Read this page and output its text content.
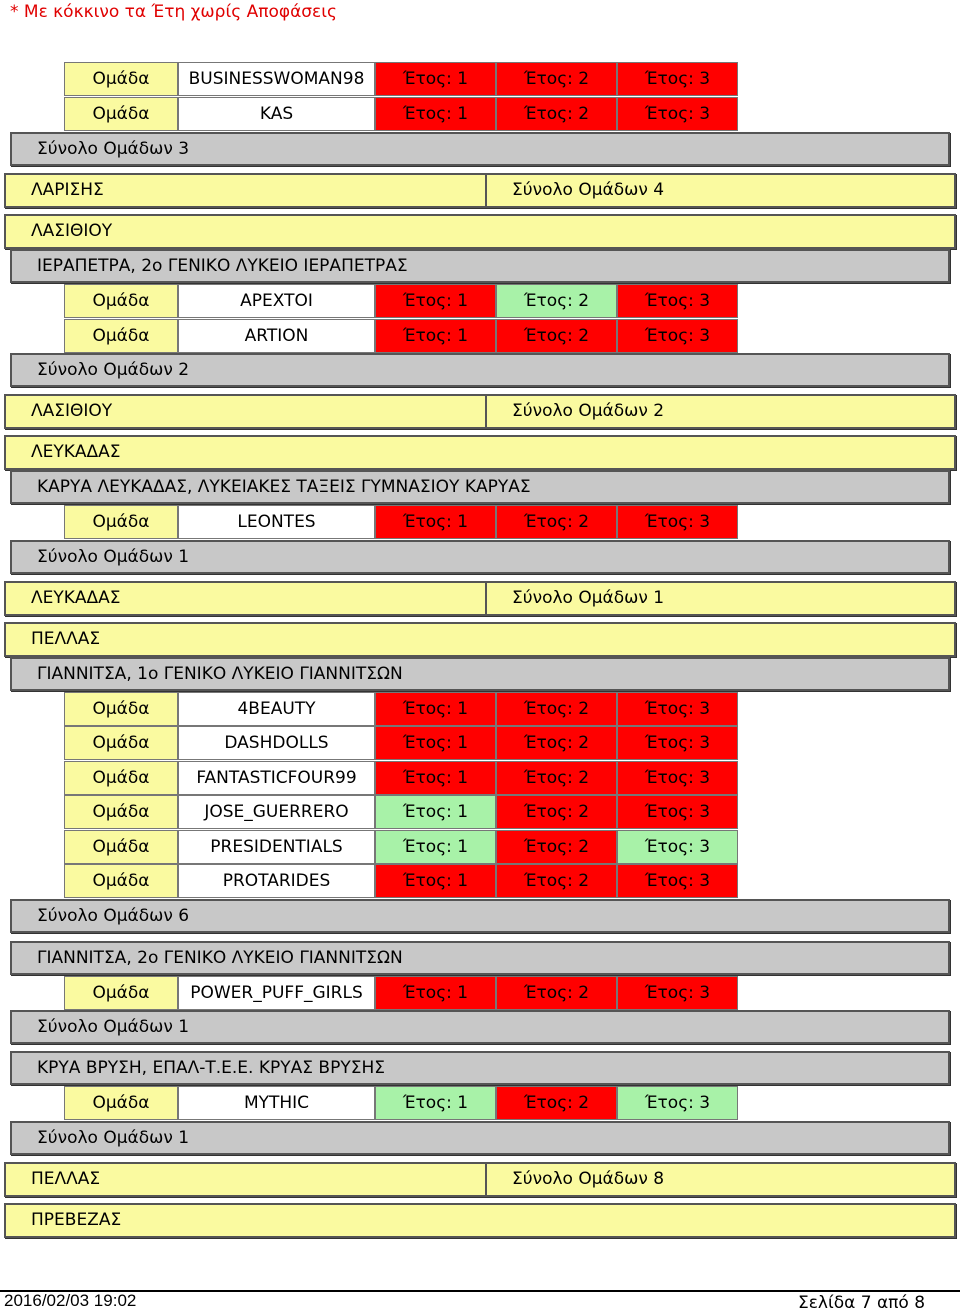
* Με κόκκινο τα Έτη χωρίς Αποφάσεις
Ομάδα	BUSINESSWOMAN98	Έτος: 1	Έτος: 2	Έτος: 3
Ομάδα	KAS	Έτος: 1	Έτος: 2	Έτος: 3
Σύνολο Ομάδων 3
ΛΑΡΙΣΗΣ	Σύνολο Ομάδων 4
ΛΑΣΙΘΙΟΥ
ΙΕΡΑΠΕΤΡΑ, 2ο ΓΕΝΙΚΟ ΛΥΚΕΙΟ ΙΕΡΑΠΕΤΡΑΣ
Ομάδα	APEXTOI	Έτος: 1	Έτος: 2	Έτος: 3
Ομάδα	ARTION	Έτος: 1	Έτος: 2	Έτος: 3
Σύνολο Ομάδων 2
ΛΑΣΙΘΙΟΥ	Σύνολο Ομάδων 2
ΛΕΥΚΑΔΑΣ
ΚΑΡΥΑ ΛΕΥΚΑΔΑΣ, ΛΥΚΕΙΑΚΕΣ ΤΑΞΕΙΣ ΓΥΜΝΑΣΙΟΥ ΚΑΡΥΑΣ
Ομάδα	LEONTES	Έτος: 1	Έτος: 2	Έτος: 3
Σύνολο Ομάδων 1
ΛΕΥΚΑΔΑΣ	Σύνολο Ομάδων 1
ΠΕΛΛΑΣ
ΓΙΑΝΝΙΤΣΑ, 1ο ΓΕΝΙΚΟ ΛΥΚΕΙΟ ΓΙΑΝΝΙΤΣΩΝ
Ομάδα	4BEAUTY	Έτος: 1	Έτος: 2	Έτος: 3
Ομάδα	DASHDOLLS	Έτος: 1	Έτος: 2	Έτος: 3
Ομάδα	FANTASTICFOUR99	Έτος: 1	Έτος: 2	Έτος: 3
Ομάδα	JOSE_GUERRERO	Έτος: 1	Έτος: 2	Έτος: 3
Ομάδα	PRESIDENTIALS	Έτος: 1	Έτος: 2	Έτος: 3
Ομάδα	PROTARIDES	Έτος: 1	Έτος: 2	Έτος: 3
Σύνολο Ομάδων 6
ΓΙΑΝΝΙΤΣΑ, 2ο ΓΕΝΙΚΟ ΛΥΚΕΙΟ ΓΙΑΝΝΙΤΣΩΝ
Ομάδα	POWER_PUFF_GIRLS	Έτος: 1	Έτος: 2	Έτος: 3
Σύνολο Ομάδων 1
ΚΡΥΑ ΒΡΥΣΗ, ΕΠΑΛ-Τ.Ε.Ε. ΚΡΥΑΣ ΒΡΥΣΗΣ
Ομάδα	MYTHIC	Έτος: 1	Έτος: 2	Έτος: 3
Σύνολο Ομάδων 1
ΠΕΛΛΑΣ	Σύνολο Ομάδων 8
ΠΡΕΒΕΖΑΣ
2016/02/03 19:02	Σελίδα 7 από 8
